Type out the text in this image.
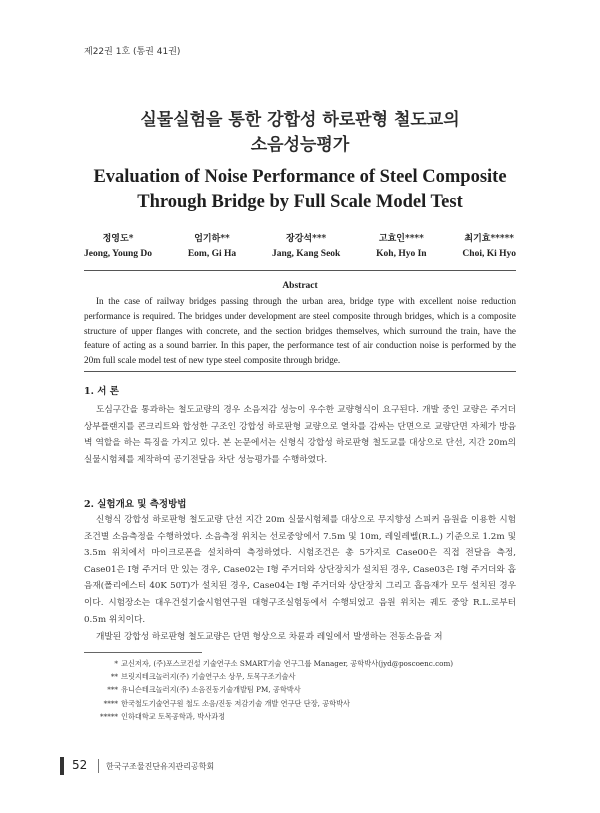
제22권 1호 (통권 41권)
실물실험을 통한 강합성 하로판형 철도교의
소음성능평가
Evaluation of Noise Performance of Steel Composite
Through Bridge by Full Scale Model Test
정영도*
Jeong, Young Do
엄기하**
Eom, Gi Ha
장강석***
Jang, Kang Seok
고효인****
Koh, Hyo In
최기효*****
Choi, Ki Hyo
Abstract

In the case of railway bridges passing through the urban area, bridge type with excellent noise reduction performance is required. The bridges under development are steel composite through bridges, which is a composite structure of upper flanges with concrete, and the section bridges themselves, which surround the train, have the feature of acting as a sound barrier. In this paper, the performance test of air conduction noise is performed by the 20m full scale model test of new type steel composite through bridge.

1. 서 론

도심구간을 통과하는 철도교량의 경우 소음저감 성능이 우수한 교량형식이 요구된다. 개발 중인 교량은 주거더 상부플랜지를 콘크리트와 합성한 구조인 강합성 하로판형 교량으로 열차를 감싸는 단면으로 교량단면 자체가 방음벽 역할을 하는 특징을 가지고 있다. 본 논문에서는 신형식 강합성 하로판형 철도교를 대상으로 단선, 지간 20m의 실물시험체를 제작하여 공기전달음 차단 성능평가를 수행하였다.

2. 실험개요 및 측정방법

신형식 강합성 하로판형 철도교량 단선 지간 20m 실물시험체를 대상으로 무지향성 스피커 음원을 이용한 시험 조건별 소음측정을 수행하였다. 소음측정 위치는 선로중앙에서 7.5m 및 10m, 레일레벨(R.L.) 기준으로 1.2m 및 3.5m 위치에서 마이크로폰을 설치하여 측정하였다. 시험조건은 총 5가지로 Case00은 직접 전달음 측정, Case01은 I형 주거더 만 있는 경우, Case02는 I형 주거더와 상단장치가 설치된 경우, Case03은 I형 주거더와 흡음재(폴리에스터 40K 50T)가 설치된 경우, Case04는 I형 주거더와 상단장치 그리고 흡음재가 모두 설치된 경우이다. 시험장소는 대우건설기술시험연구원 대형구조실험동에서 수행되었고 음원 위치는 궤도 중앙 R.L.로부터 0.5m 위치이다.

개발된 강합성 하로판형 철도교량은 단면 형상으로 차륜과 레일에서 발생하는 전동소음을 저

* 교신저자, (주)포스코건설 기술연구소 SMART기술 연구그룹 Manager, 공학박사(jyd@poscoenc.com)
** 브릿지테크놀러지(주) 기술연구소 상무, 토목구조기술사
*** 유니슨테크놀러지(주) 소음진동기술개발팀 PM, 공학박사
**** 한국철도기술연구원 철도 소음/진동 저감기술 개발 연구단 단장, 공학박사
***** 인하대학교 토목공학과, 박사과정
52 한국구조물진단유지관리공학회
